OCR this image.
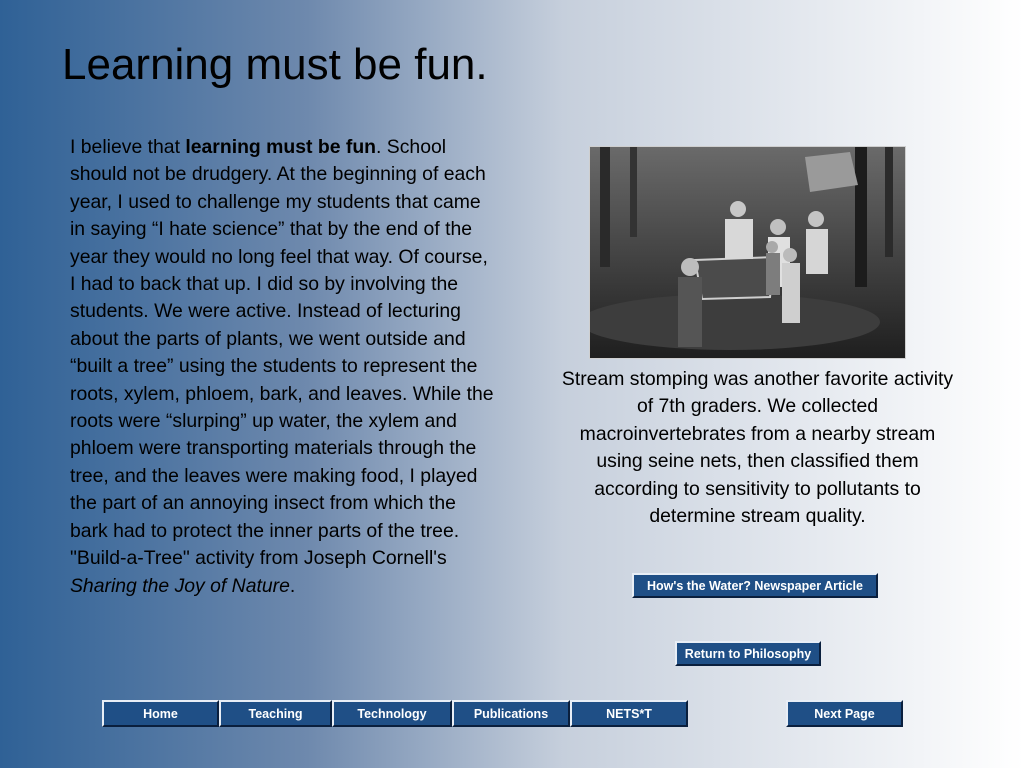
Learning must be fun.
I believe that learning must be fun. School should not be drudgery. At the beginning of each year, I used to challenge my students that came in saying “I hate science” that by the end of the year they would no long feel that way. Of course, I had to back that up. I did so by involving the students. We were active. Instead of lecturing about the parts of plants, we went outside and “built a tree” using the students to represent the roots, xylem, phloem, bark, and leaves. While the roots were “slurping” up water, the xylem and phloem were transporting materials through the tree, and the leaves were making food, I played the part of an annoying insect from which the bark had to protect the inner parts of the tree. "Build-a-Tree" activity from Joseph Cornell's Sharing the Joy of Nature.
Stream stomping was another favorite activity of 7th graders. We collected macroinvertebrates from a nearby stream using seine nets, then classified them according to sensitivity to pollutants to determine stream quality.
How's the Water? Newspaper Article
Return to Philosophy
Home	Teaching	Technology	Publications	NETS*T	Next Page
